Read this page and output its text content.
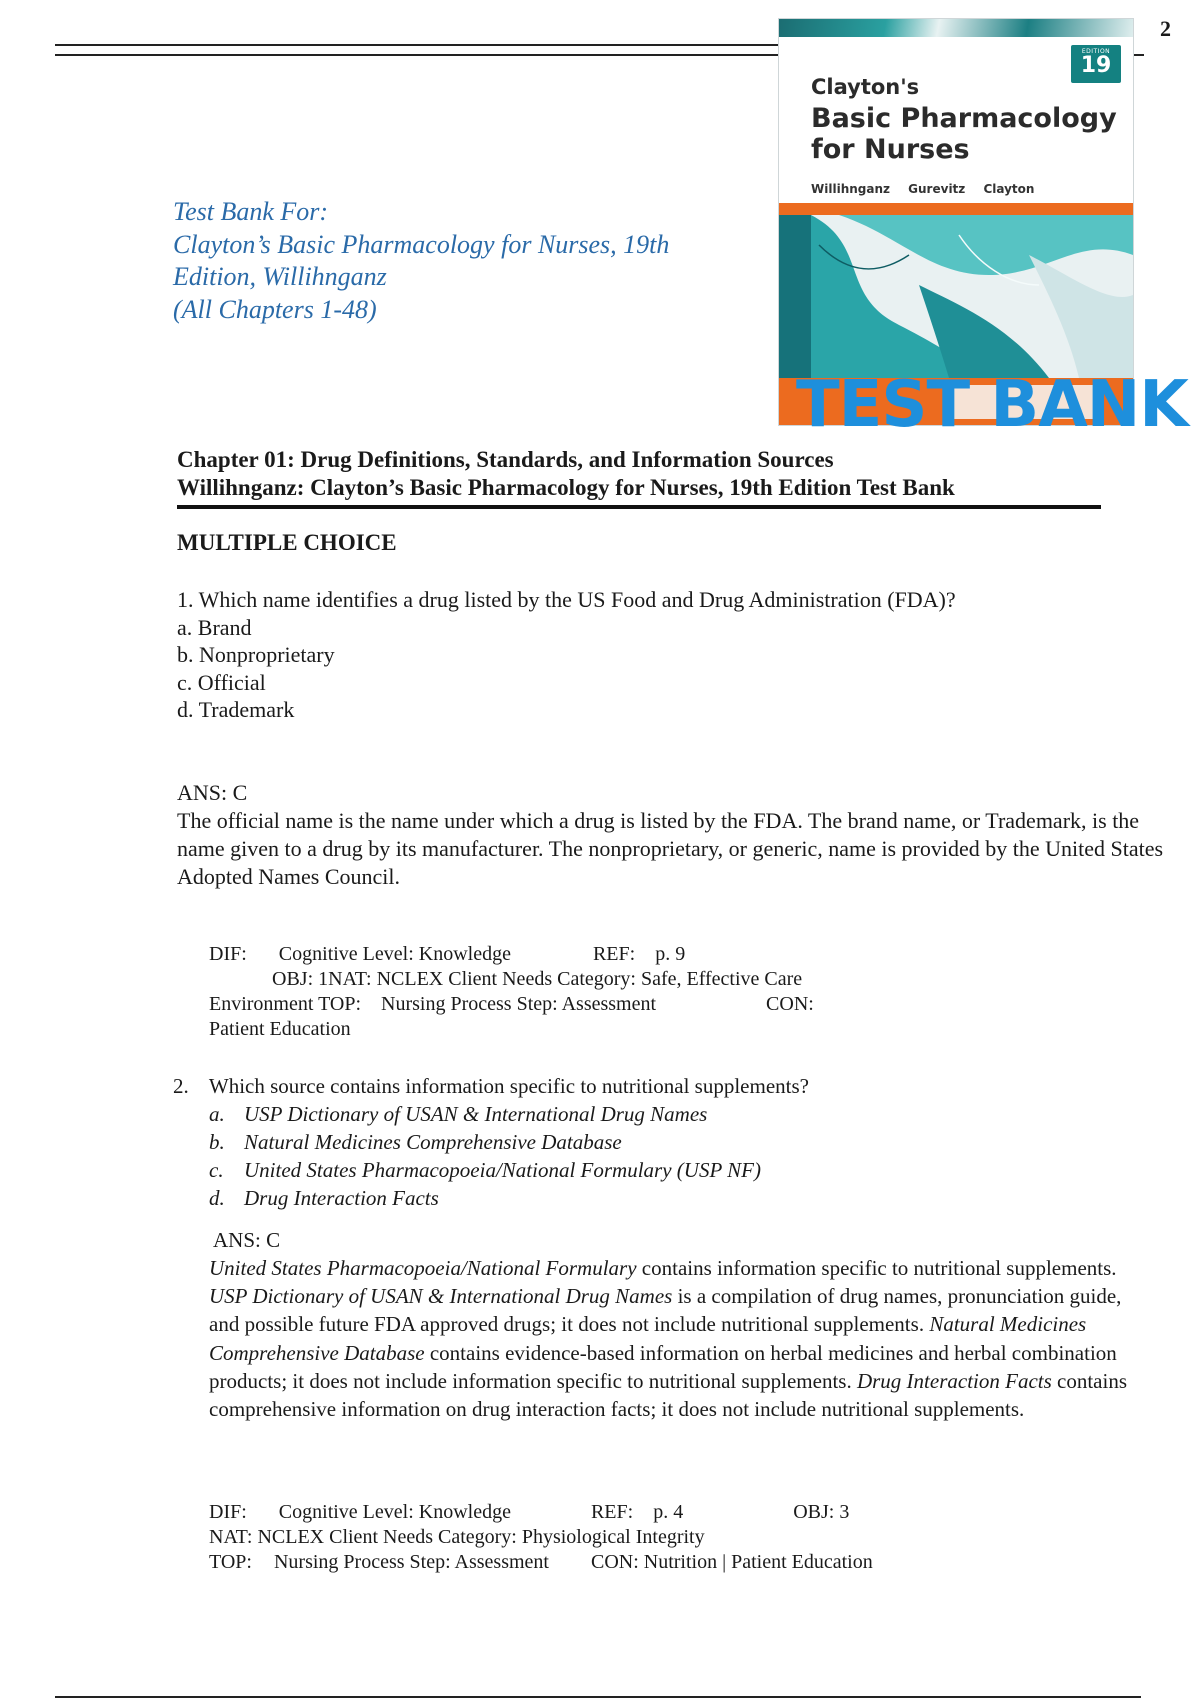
2
EDITION
19
Clayton's
Basic Pharmacology
for Nurses
Willihnganz Gurevitz Clayton
TEST BANK
Test Bank For:
Clayton’s Basic Pharmacology for Nurses, 19th
Edition, Willihnganz
(All Chapters 1-48)
Chapter 01: Drug Definitions, Standards, and Information Sources
Willihnganz: Clayton’s Basic Pharmacology for Nurses, 19th Edition Test Bank
MULTIPLE CHOICE
1. Which name identifies a drug listed by the US Food and Drug Administration (FDA)?
a. Brand
b. Nonproprietary
c. Official
d. Trademark
ANS: C
The official name is the name under which a drug is listed by the FDA. The brand name, or Trademark, is the name given to a drug by its manufacturer. The nonproprietary, or generic, name is provided by the United States Adopted Names Council.
DIF: Cognitive Level: Knowledge	REF: p. 9
OBJ: 1NAT: NCLEX Client Needs Category: Safe, Effective Care
Environment TOP: Nursing Process Step: Assessment	CON:
Patient Education
2. Which source contains information specific to nutritional supplements?
a. USP Dictionary of USAN & International Drug Names
b. Natural Medicines Comprehensive Database
c. United States Pharmacopoeia/National Formulary (USP NF)
d. Drug Interaction Facts
ANS: C
United States Pharmacopoeia/National Formulary contains information specific to nutritional supplements. USP Dictionary of USAN & International Drug Names is a compilation of drug names, pronunciation guide, and possible future FDA approved drugs; it does not include nutritional supplements. Natural Medicines Comprehensive Database contains evidence-based information on herbal medicines and herbal combination products; it does not include information specific to nutritional supplements. Drug Interaction Facts contains comprehensive information on drug interaction facts; it does not include nutritional supplements.
DIF: Cognitive Level: Knowledge	REF: p. 4	OBJ: 3
NAT: NCLEX Client Needs Category: Physiological Integrity
TOP: Nursing Process Step: Assessment CON: Nutrition | Patient Education
